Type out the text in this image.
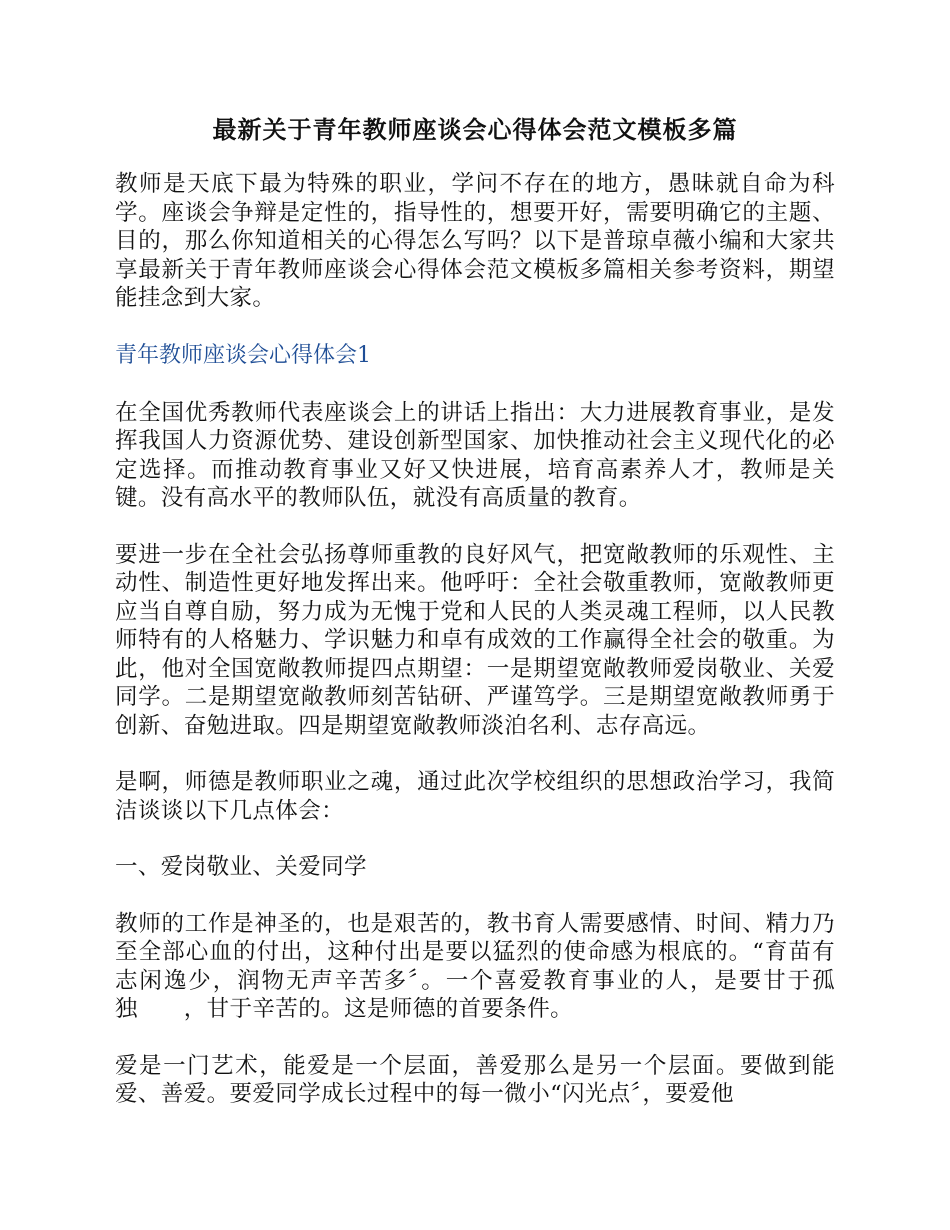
最新关于青年教师座谈会心得体会范文模板多篇

教师是天底下最为特殊的职业，学问不存在的地方，愚昧就自命为科学。座谈会争辩是定性的，指导性的，想要开好，需要明确它的主题、目的，那么你知道相关的心得怎么写吗？以下是普琼卓薇小编和大家共享最新关于青年教师座谈会心得体会范文模板多篇相关参考资料，期望能挂念到大家。

青年教师座谈会心得体会1

在全国优秀教师代表座谈会上的讲话上指出：大力进展教育事业，是发挥我国人力资源优势、建设创新型国家、加快推动社会主义现代化的必定选择。而推动教育事业又好又快进展，培育高素养人才，教师是关键。没有高水平的教师队伍，就没有高质量的教育。

要进一步在全社会弘扬尊师重教的良好风气，把宽敞教师的乐观性、主动性、制造性更好地发挥出来。他呼吁：全社会敬重教师，宽敞教师更应当自尊自励，努力成为无愧于党和人民的人类灵魂工程师，以人民教师特有的人格魅力、学识魅力和卓有成效的工作赢得全社会的敬重。为此，他对全国宽敞教师提四点期望：一是期望宽敞教师爱岗敬业、关爱同学。二是期望宽敞教师刻苦钻研、严谨笃学。三是期望宽敞教师勇于创新、奋勉进取。四是期望宽敞教师淡泊名利、志存高远。

是啊，师德是教师职业之魂，通过此次学校组织的思想政治学习，我简洁谈谈以下几点体会：

一、爱岗敬业、关爱同学

教师的工作是神圣的，也是艰苦的，教书育人需要感情、时间、精力乃至全部心血的付出，这种付出是要以猛烈的使命感为根底的。“育苗有志闲逸少，润物无声辛苦多〞。一个喜爱教育事业的人，是要甘于孤独　　，甘于辛苦的。这是师德的首要条件。

爱是一门艺术，能爱是一个层面，善爱那么是另一个层面。要做到能爱、善爱。要爱同学成长过程中的每一微小“闪光点〞，要爱他
